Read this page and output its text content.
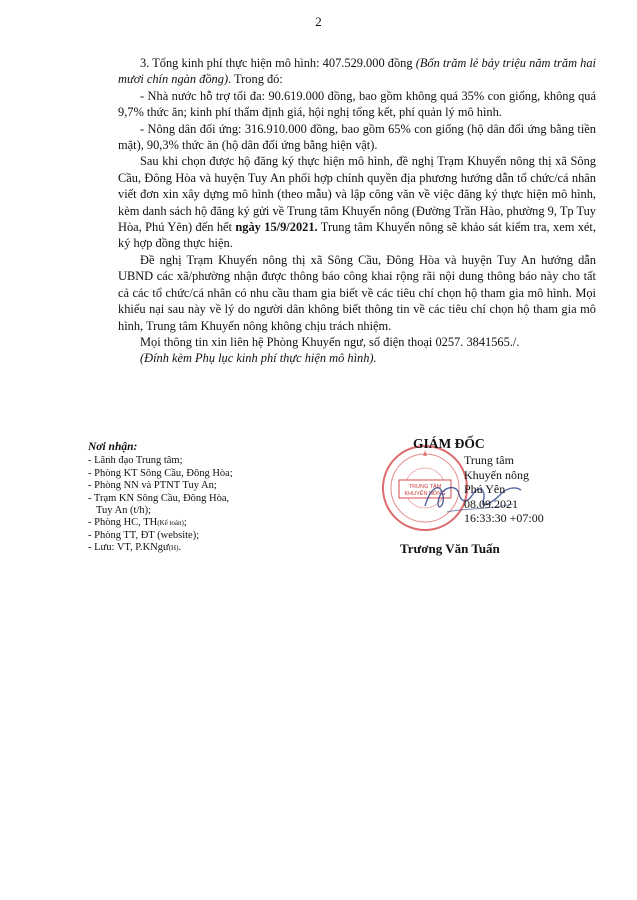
2

3. Tổng kinh phí thực hiện mô hình: 407.529.000 đồng (Bốn trăm lẻ bảy triệu năm trăm hai mươi chín ngàn đồng). Trong đó:

- Nhà nước hỗ trợ tối đa: 90.619.000 đồng, bao gồm không quá 35% con giống, không quá 9,7% thức ăn; kinh phí thẩm định giá, hội nghị tổng kết, phí quản lý mô hình.

- Nông dân đối ứng: 316.910.000 đồng, bao gồm 65% con giống (hộ dân đối ứng bằng tiền mặt), 90,3% thức ăn (hộ dân đối ứng bằng hiện vật).

Sau khi chọn được hộ đăng ký thực hiện mô hình, đề nghị Trạm Khuyến nông thị xã Sông Cầu, Đông Hòa và huyện Tuy An phối hợp chính quyền địa phương hướng dẫn tổ chức/cá nhân viết đơn xin xây dựng mô hình (theo mẫu) và lập công văn về việc đăng ký thực hiện mô hình, kèm danh sách hộ đăng ký gửi về Trung tâm Khuyến nông (Đường Trần Hào, phường 9, Tp Tuy Hòa, Phú Yên) đến hết ngày 15/9/2021. Trung tâm Khuyến nông sẽ khảo sát kiểm tra, xem xét, ký hợp đồng thực hiện.

Đề nghị Trạm Khuyến nông thị xã Sông Cầu, Đông Hòa và huyện Tuy An hướng dẫn UBND các xã/phường nhận được thông báo công khai rộng rãi nội dung thông báo này cho tất cả các tổ chức/cá nhân có nhu cầu tham gia biết về các tiêu chí chọn hộ tham gia mô hình. Mọi khiếu nại sau này về lý do người dân không biết thông tin về các tiêu chí chọn hộ tham gia mô hình, Trung tâm Khuyến nông không chịu trách nhiệm.

Mọi thông tin xin liên hệ Phòng Khuyến ngư, số điện thoại 0257. 3841565./.

(Đính kèm Phụ lục kinh phí thực hiện mô hình).

Nơi nhận:
- Lãnh đạo Trung tâm;
- Phòng KT Sông Cầu, Đông Hòa;
- Phòng NN và PTNT Tuy An;
- Trạm KN Sông Cầu, Đông Hòa,
Tuy An (t/h);
- Phòng HC, TH(Kế toán);
- Phòng TT, ĐT (website);
- Lưu: VT, P.KNgư(H).
TRUNG TÂM
KHUYẾN NÔNG
GIÁM ĐỐC
Trung tâm
Khuyến nông
Phú Yên
08.09.2021
16:33:30 +07:00
Trương Văn Tuấn
